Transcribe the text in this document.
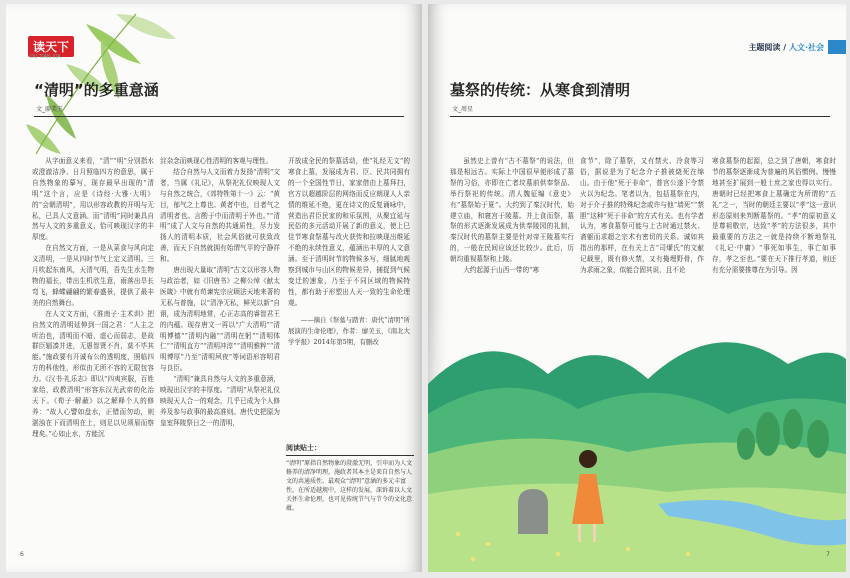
读天下
DU TIAN XIA
“清明”的多重意涵
文_廖美玉

从字面意义来看，“清”“明”分别指水或澄澈洁净、日月照临四方的意思，属于自然物象的摹写，现存最早出现的“清明”这个言，应是《诗经·大雅·大明》的“会朝清明”，用以形容政教的开明与无私，已具人文意涵。而“清明”同时兼具自然与人文的多重意义，恰可映现汉字的丰厚度。

在自然文方面，一是从菜食与风向定义清明，一是从四时节气上定义清明。三月吹起东南风，天清气明，吾先生水生物物的福长，带出生机欣生意，雨落出旱长弯飞，蜂蝶翩翩的繁春盛景，提供了最丰美的自然舞台。

在人文文方面，《淮南子·主术训》把自然文的清明延伸到一国之君：“人主之听治也，清明而不暗，虚心而弱志，是故群臣辐凑并进，无愚智贤不肖，莫不毕其能。”施政要有开诚布公的透明度，照临四方的科他性，形似由无所不容的无限包容力。《汉书·礼乐志》即以“四夷宾服，百姓家给，政教清明”形容东汉光武帝的化治天下。《荀子·解蔽》以之解释个人的修养：“故人心譬如盘水，正错而勿动，则湛浊在下而清明在上，则足以见须眉而察理矣。”心如止水，方能沉

淀杂念而映现心性清明的客观与理性。

结合自然与人文而着力发扬“清明”文者，当属《礼记》，从祭祀礼仪映现人文与自然之统合，《郊特牲第十一》云：“黄目，郁气之上尊也。黄者中也，目者气之清明者也。言酌于中而清明于外也。”“清明”成了人文与自然的共通质性，尽力发扬人的清明本质，社会风俗就可获致改善，而天下自然就拥有始谓气平的宁静祥和。

唐出现大量取“清明”古文以形容人物与政治者，如《旧唐书》之柳公绰《献太医箴》中就有苟谏宪宗应顾法天地来著的无私与普施，以“清净无私，鲜光以新”自诩，成为清明地常，心正志高的睿智君王的内蕴。现存唐文一再以“广大清明”“清明博德”“清明内融”“清明在躬”“清明体仁”“清明直方”“清明冲淳”“清明雅粹”“清明博厚”乃至“清明夙夜”等词语形容明君与良臣。

“清明”兼具自然与人文的多重意涵，映现出汉字的丰厚度。“清明”从祭祀礼仪映现天人合一的观念，几乎已成为个人修养及参与政事的最高准则。唐代史把原为皇室拜陵祭日之一的清明，

开放成全民的祭墓活动，使“礼经无文”的寒食上墓，发展成为君、臣、民共同拥有的一个全国性节日，家家借由上墓拜扫，官方以超越阶层的网络而反应朗现人人亲情的维延不绝，更在诗文的反复诵咏中，营造出君臣民家的和乐氛围，从聚宜延与民俗的多元活动开展了新的意义，使上巳佳节寒食祭墓与改火获传和拉映现出维延不绝的永续性意义，蕴涵出丰厚的人文意涵。至于清明时节的物候多写，细腻地观察到城市与山区的物候差异，捕捉到气候变迁的速象，乃至于不同区域的物候特性，都有助于形塑出人天一致的生命伦理观。

——摘自《祭墓与踏青：唐代“清明”所展演的生命伦理》，作者：廖美玉，《南北大学学报》2014年第5期，有删改

阅读贴士：
“清明”原指自然物象的澄澈无明，引申而为人文修养的清净明理，施政者其本主是来自自然与人文的共通质性。最观众“清明”意涵的多元丰富性，在所适越规中，这样的发展，深诉着以人文关怀生命伦理，也可见传统节气与节令的文化意蕴。
6
主题阅读 / 人文·社会
墓祭的传统：从寒食到清明
文_周星

虽然史上曾有“古不墓祭”的说法，但那是相远古。实际上中国很早便形成了墓祭的习俗，亦即在亡者坟墓前供奉祭品、举行祭祀的传统。清人魏征编《意史》有“墓祭始于夏”。大约到了秦汉时代，始建立庙，和寝宫于陵墓。并上食而祭，墓祭的形式逐渐发展成为供奉陵园的礼制，秦汉时代的墓祭主要是针对帝王陵墓实行的，一般在民间应该还比较少。此后，历朝均重视墓祭和上陵。

大约起源于山西一带的“寒

食节”，除了墓祭，又有禁火、冷食等习俗，据说是为了纪念介子推被烧死在绵山。由于他“死于非命”，普宫公遂下令禁火以为纪念。笔者以为，包括墓祭在内，对于介子推的特殊纪念或许与他“墙死”“禁胆”这种“死于非命”的方式有关。也有学者认为，寒食墓祭可能与上古时通过禁火、斋躯而求超之宗术有密切的关系。诚如其指出的那样，在有关上古“司爟氏”的文献记载里，既有修火禁，又有掩埋野骨，作为求雨之象，似能合固其说，且不论

寒食墓祭的起源，总之到了唐朝，寒食时节的墓祭逐渐成为普遍的风俗惯例。慢慢地甚至扩展到一般士庶之家也得以实行。唐朝时已经把寒食上墓确定为所谓的“五礼”之一，当时的朝廷主要以“孝”这一意识形态原则来判断墓祭的。“孝”的原初意义是尊祖敬宗，达致“孝”的方法很多，其中最重要的方法之一就是持续不断地祭礼《礼记·中庸》“事死如事生，事亡如事存，孝之至也。”要在天下推行孝道，则还有充分需要推尊在为引导。因

7
